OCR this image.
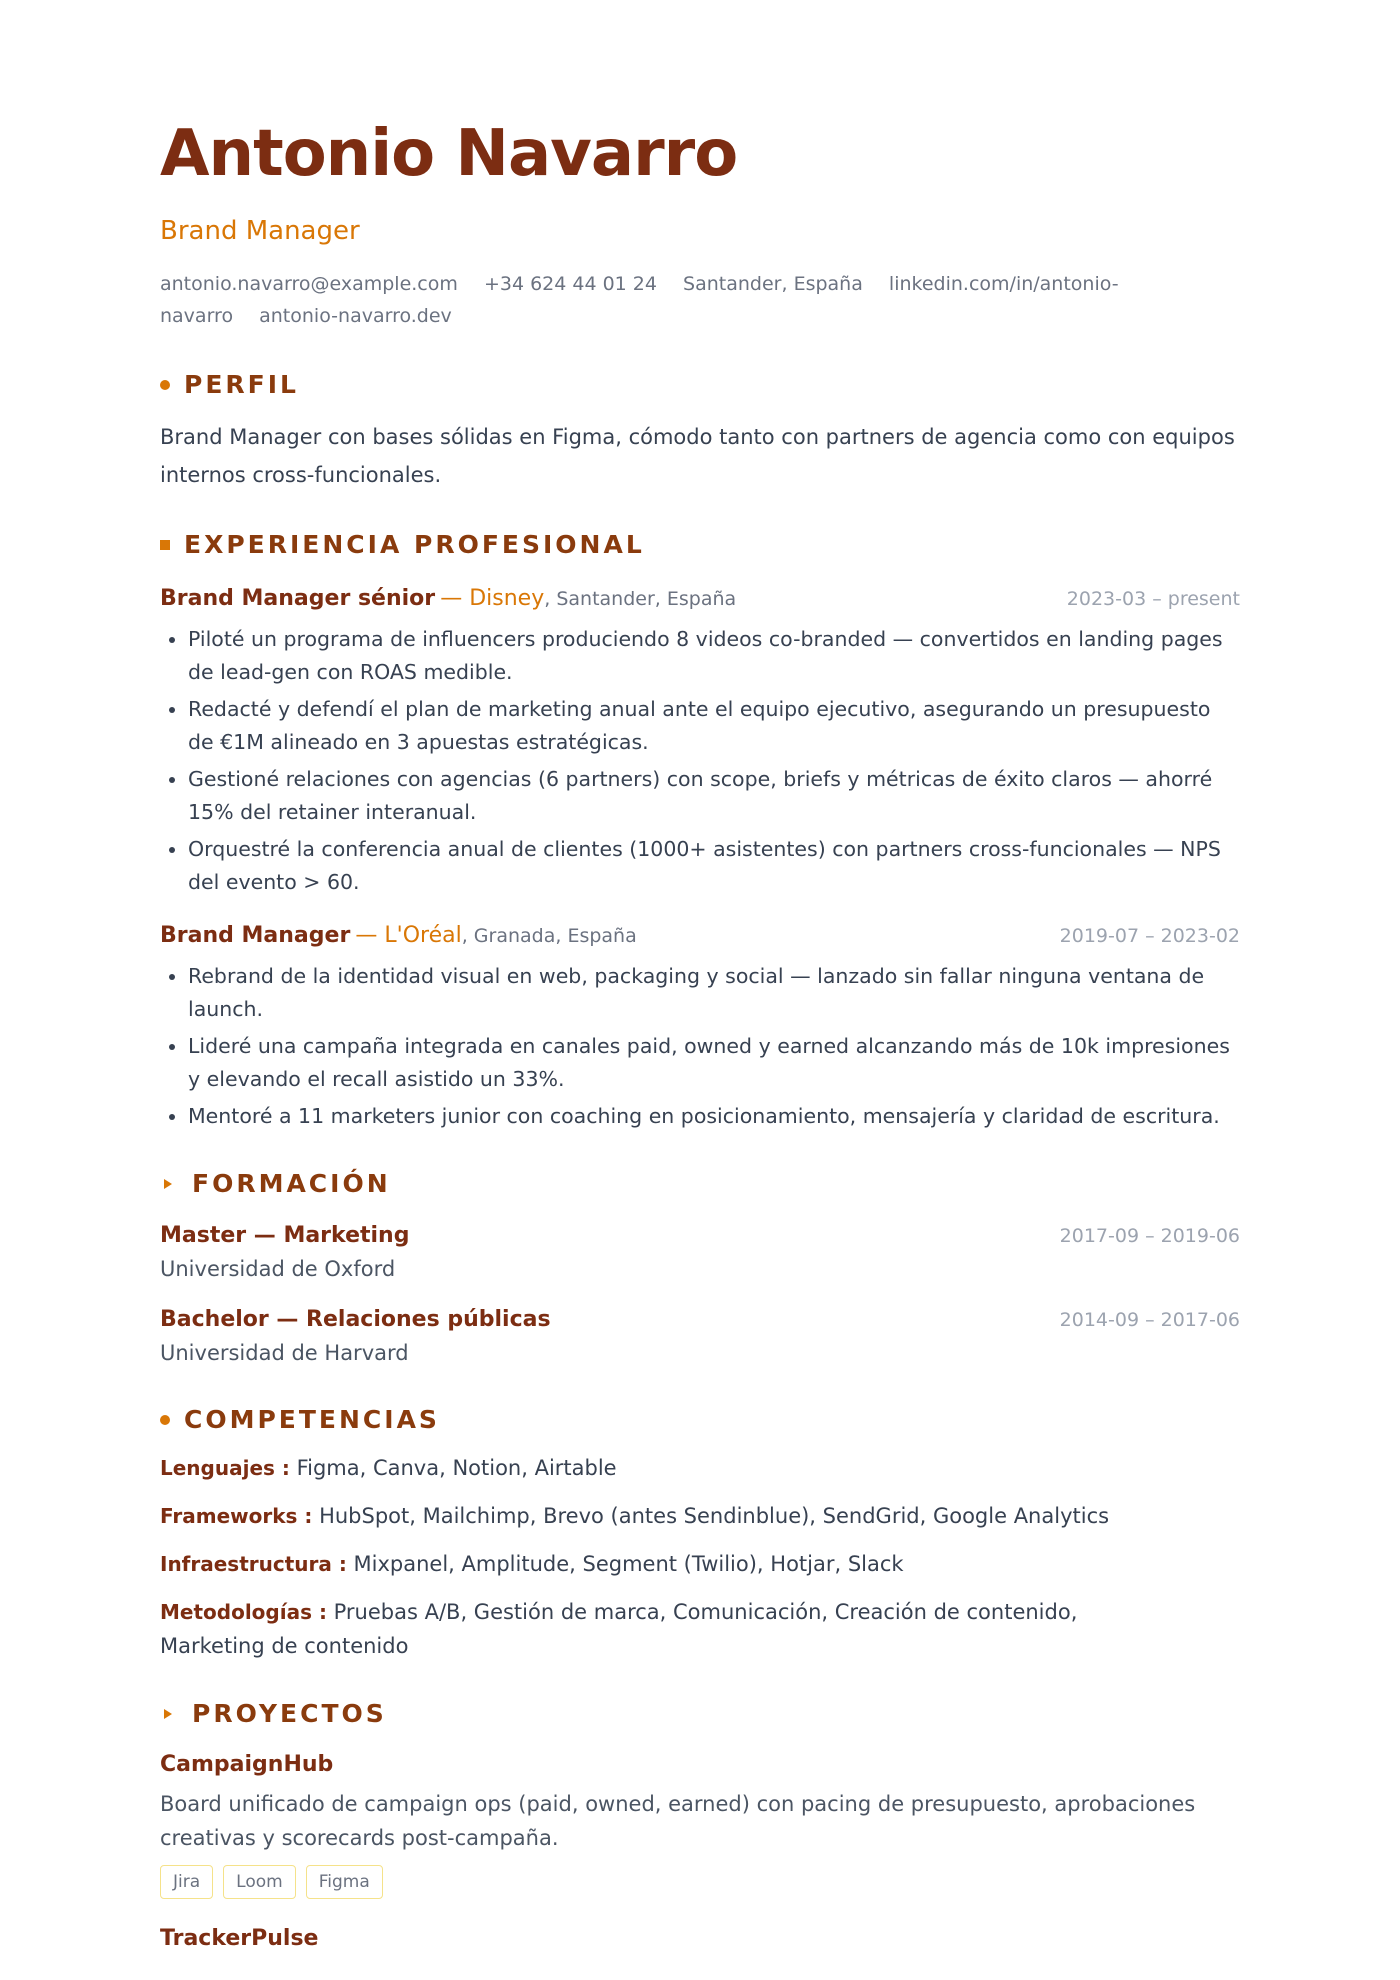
Antonio Navarro
Brand Manager
antonio.navarro@example.com +34 624 44 01 24 Santander, España linkedin.com/in/antonio-navarro antonio-navarro.dev
PERFIL
Brand Manager con bases sólidas en Figma, cómodo tanto con partners de agencia como con equipos internos cross-funcionales.
EXPERIENCIA PROFESIONAL
Brand Manager sénior — Disney, Santander, España	2023-03 – present
• Piloté un programa de influencers produciendo 8 videos co-branded — convertidos en landing pages de lead-gen con ROAS medible.
• Redacté y defendí el plan de marketing anual ante el equipo ejecutivo, asegurando un presupuesto de €1M alineado en 3 apuestas estratégicas.
• Gestioné relaciones con agencias (6 partners) con scope, briefs y métricas de éxito claros — ahorré 15% del retainer interanual.
• Orquestré la conferencia anual de clientes (1000+ asistentes) con partners cross-funcionales — NPS del evento > 60.
Brand Manager — L'Oréal, Granada, España	2019-07 – 2023-02
• Rebrand de la identidad visual en web, packaging y social — lanzado sin fallar ninguna ventana de launch.
• Lideré una campaña integrada en canales paid, owned y earned alcanzando más de 10k impresiones y elevando el recall asistido un 33%.
• Mentoré a 11 marketers junior con coaching en posicionamiento, mensajería y claridad de escritura.
FORMACIÓN
Master — Marketing	2017-09 – 2019-06
Universidad de Oxford
Bachelor — Relaciones públicas	2014-09 – 2017-06
Universidad de Harvard
COMPETENCIAS
Lenguajes : Figma, Canva, Notion, Airtable
Frameworks : HubSpot, Mailchimp, Brevo (antes Sendinblue), SendGrid, Google Analytics
Infraestructura : Mixpanel, Amplitude, Segment (Twilio), Hotjar, Slack
Metodologías : Pruebas A/B, Gestión de marca, Comunicación, Creación de contenido, Marketing de contenido
PROYECTOS
CampaignHub
Board unificado de campaign ops (paid, owned, earned) con pacing de presupuesto, aprobaciones creativas y scorecards post-campaña.
Jira	Loom	Figma
TrackerPulse
